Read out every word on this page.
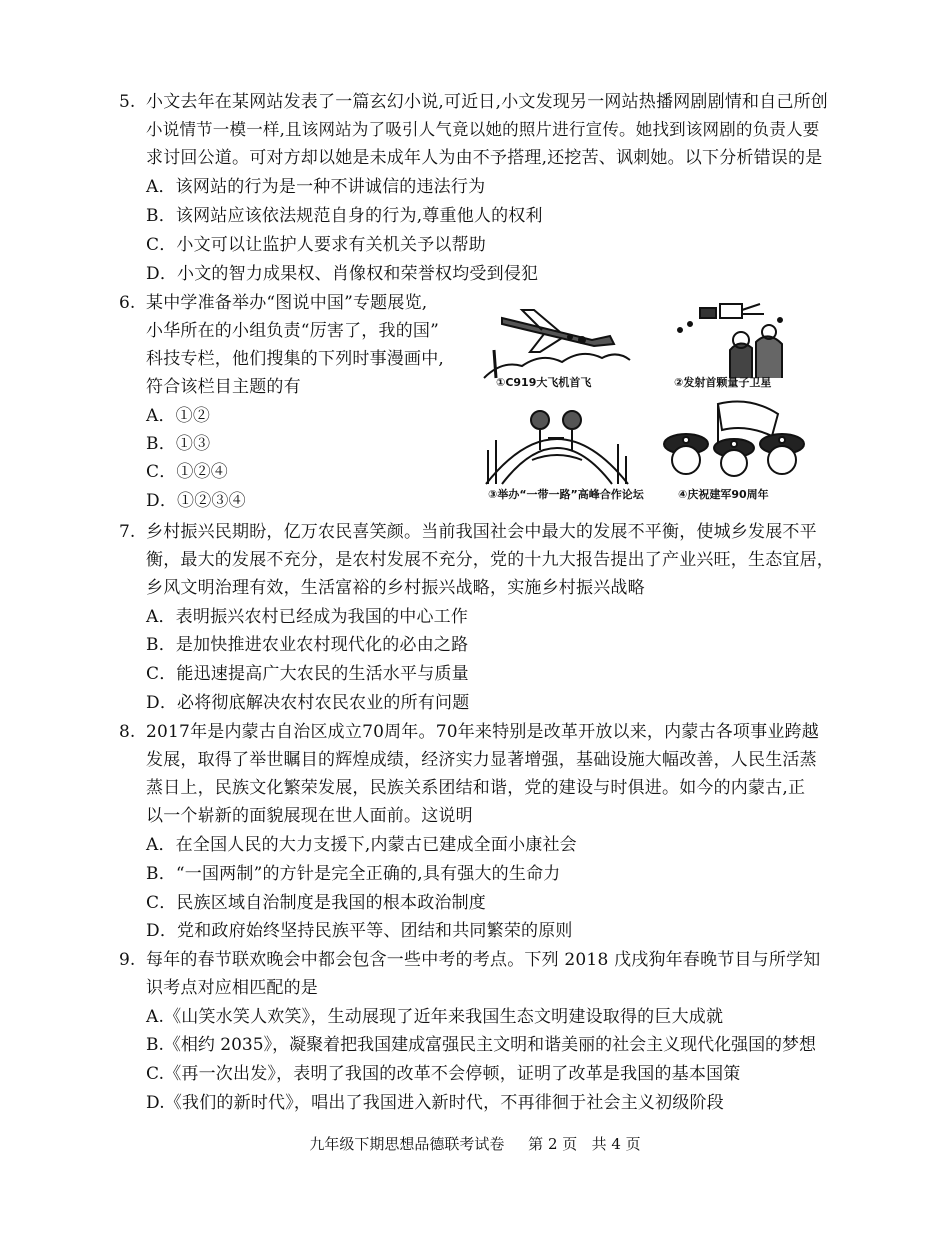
5. 小文去年在某网站发表了一篇玄幻小说,可近日,小文发现另一网站热播网剧剧情和自己所创
小说情节一模一样,且该网站为了吸引人气竟以她的照片进行宣传。她找到该网剧的负责人要
求讨回公道。可对方却以她是未成年人为由不予搭理,还挖苦、讽刺她。以下分析错误的是
A．该网站的行为是一种不讲诚信的违法行为
B．该网站应该依法规范自身的行为,尊重他人的权利
C．小文可以让监护人要求有关机关予以帮助
D．小文的智力成果权、肖像权和荣誉权均受到侵犯
6. 某中学准备举办“图说中国”专题展览,
小华所在的小组负责“厉害了，我的国”
科技专栏，他们搜集的下列时事漫画中,
符合该栏目主题的有
A．①②
B．①③
C．①②④
D．①②③④
①C919大飞机首飞	②发射首颗量子卫星
③举办“一带一路”高峰合作论坛	④庆祝建军90周年
7. 乡村振兴民期盼，亿万农民喜笑颜。当前我国社会中最大的发展不平衡，使城乡发展不平
衡，最大的发展不充分，是农村发展不充分，党的十九大报告提出了产业兴旺，生态宜居，
乡风文明治理有效，生活富裕的乡村振兴战略，实施乡村振兴战略
A．表明振兴农村已经成为我国的中心工作
B．是加快推进农业农村现代化的必由之路
C．能迅速提高广大农民的生活水平与质量
D．必将彻底解决农村农民农业的所有问题
8. 2017年是内蒙古自治区成立70周年。70年来特别是改革开放以来，内蒙古各项事业跨越
发展，取得了举世瞩目的辉煌成绩，经济实力显著增强，基础设施大幅改善，人民生活蒸
蒸日上，民族文化繁荣发展，民族关系团结和谐，党的建设与时俱进。如今的内蒙古,正
以一个崭新的面貌展现在世人面前。这说明
A．在全国人民的大力支援下,内蒙古已建成全面小康社会
B．“一国两制”的方针是完全正确的,具有强大的生命力
C．民族区域自治制度是我国的根本政治制度
D．党和政府始终坚持民族平等、团结和共同繁荣的原则
9. 每年的春节联欢晚会中都会包含一些中考的考点。下列 2018 戊戌狗年春晚节目与所学知
识考点对应相匹配的是
A.《山笑水笑人欢笑》，生动展现了近年来我国生态文明建设取得的巨大成就
B.《相约 2035》，凝聚着把我国建成富强民主文明和谐美丽的社会主义现代化强国的梦想
C.《再一次出发》，表明了我国的改革不会停顿，证明了改革是我国的基本国策
D.《我们的新时代》，唱出了我国进入新时代，不再徘徊于社会主义初级阶段
九年级下期思想品德联考试卷     第 2 页   共 4 页
